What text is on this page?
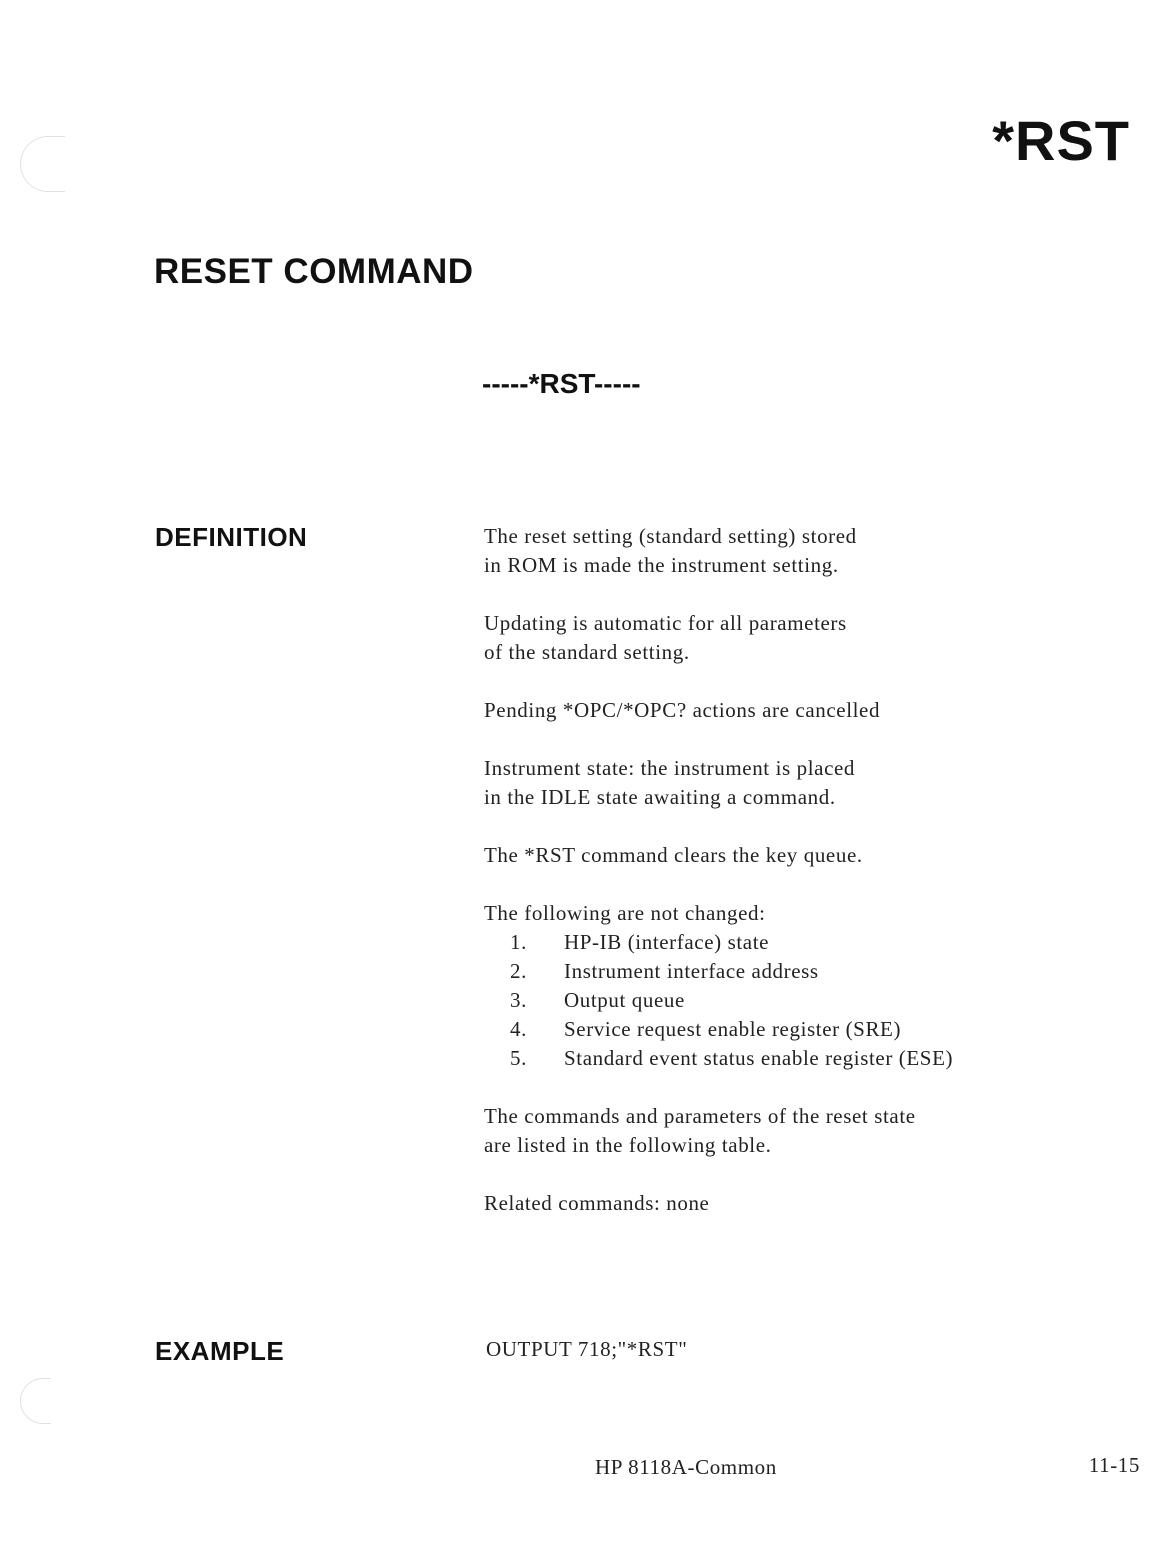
*RST
RESET COMMAND
-----*RST-----
DEFINITION	The reset setting (standard setting) stored
in ROM is made the instrument setting.

Updating is automatic for all parameters
of the standard setting.

Pending *OPC/*OPC? actions are cancelled

Instrument state: the instrument is placed
in the IDLE state awaiting a command.

The *RST command clears the key queue.

The following are not changed:

1.	HP-IB (interface) state
2.	Instrument interface address
3.	Output queue
4.	Service request enable register (SRE)
5.	Standard event status enable register (ESE)

The commands and parameters of the reset state
are listed in the following table.

Related commands: none

EXAMPLE	OUTPUT 718;"*RST"
HP 8118A-Common	11-15
